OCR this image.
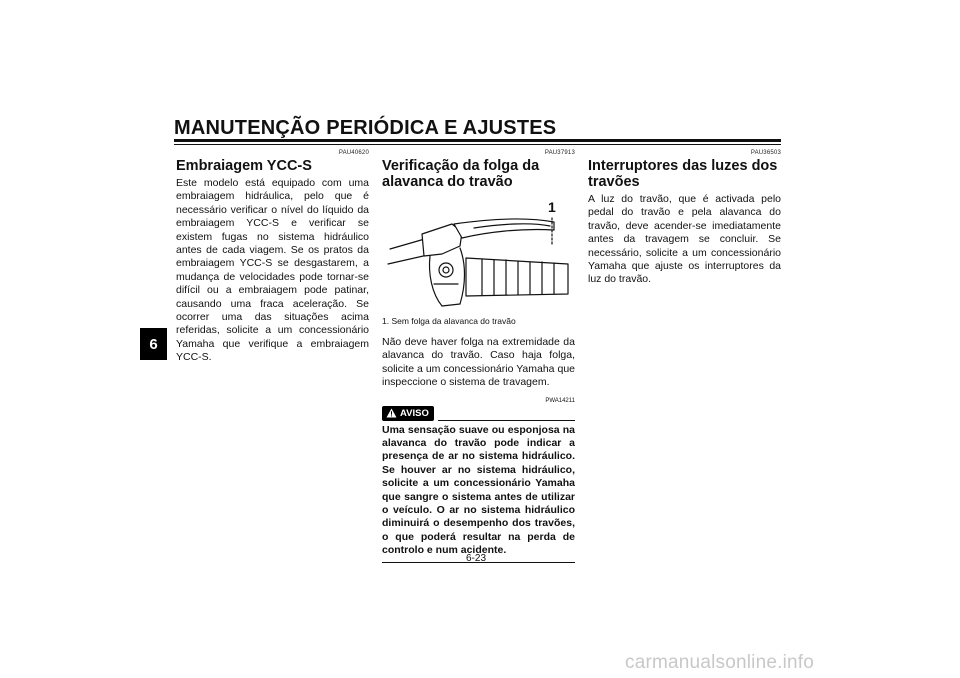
MANUTENÇÃO PERIÓDICA E AJUSTES
6

PAU40620

Embraiagem YCC-S

Este modelo está equipado com uma embraiagem hidráulica, pelo que é necessário verificar o nível do líquido da embraiagem YCC-S e verificar se existem fugas no sistema hidráulico antes de cada viagem. Se os pratos da embraiagem YCC-S se desgastarem, a mudança de velocidades pode tornar-se difícil ou a embraiagem pode patinar, causando uma fraca aceleração. Se ocorrer uma das situações acima referidas, solicite a um concessionário Yamaha que verifique a embraiagem YCC-S.

PAU37913

Verificação da folga da alavanca do travão
1

1. Sem folga da alavanca do travão

Não deve haver folga na extremidade da alavanca do travão. Caso haja folga, solicite a um concessionário Yamaha que inspeccione o sistema de travagem.

PWA14211

AVISO

Uma sensação suave ou esponjosa na alavanca do travão pode indicar a presença de ar no sistema hidráulico. Se houver ar no sistema hidráulico, solicite a um concessionário Yamaha que sangre o sistema antes de utilizar o veículo. O ar no sistema hidráulico diminuirá o desempenho dos travões, o que poderá resultar na perda de controlo e num acidente.

PAU36503

Interruptores das luzes dos travões

A luz do travão, que é activada pelo pedal do travão e pela alavanca do travão, deve acender-se imediatamente antes da travagem se concluir. Se necessário, solicite a um concessionário Yamaha que ajuste os interruptores da luz do travão.

6-23
carmanualsonline.info
